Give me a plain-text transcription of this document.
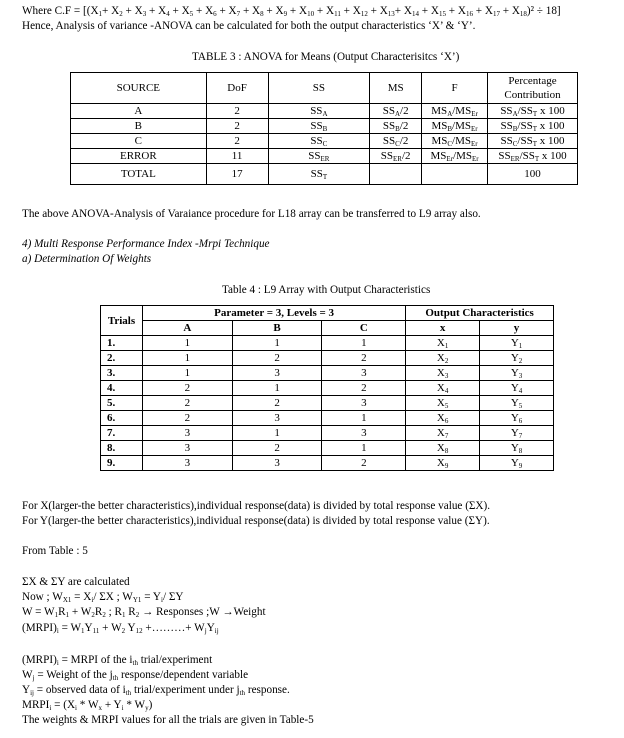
Where $C.F = [(X_1+ X_2 + X_3 + X_4 + X_5 + X_6 + X_7 + X_8 + X_9 + X_{10} + X_{11} + X_{12} + X_{13}+ X_{14} + X_{15} + X_{16} + X_{17} + X_{18})^2 \div 18]$
Hence, Analysis of variance -ANOVA can be calculated for both the output characteristics ‘X’ & ‘Y’.
TABLE 3 : ANOVA for Means (Output Characterisitcs ‘X’)
SOURCE	DoF	SS	MS	F	Percentage Contribution
A	2	$SS_A$	$SS_A/2$	$MS_A/MS_{Er}$	$SS_A/SS_T$ x 100
B	2	$SS_B$	$SS_B/2$	$MS_B/MS_{Er}$	$SS_B/SS_T$ x 100
C	2	$SS_C$	$SS_C/2$	$MS_C/MS_{Er}$	$SS_C/SS_T$ x 100
ERROR	11	$SS_{ER}$	$SS_{ER}/2$	$MS_{Er}/MS_{Er}$	$SS_{ER}/SS_T$ x 100
TOTAL	17	$SS_T$			100
The above ANOVA-Analysis of Varaiance procedure for L18 array can be transferred to L9 array also.
4) Multi Response Performance Index -Mrpi Technique
a) Determination Of Weights
Table 4 : L9 Array with Output Characteristics
Trials	Parameter = 3, Levels = 3			Output Characteristics	
	A	B	C	x	y
1.	1	1	1	$X_1$	$Y_1$
2.	1	2	2	$X_2$	$Y_2$
3.	1	3	3	$X_3$	$Y_3$
4.	2	1	2	$X_4$	$Y_4$
5.	2	2	3	$X_5$	$Y_5$
6.	2	3	1	$X_6$	$Y_6$
7.	3	1	3	$X_7$	$Y_7$
8.	3	2	1	$X_8$	$Y_8$
9.	3	3	2	$X_9$	$Y_9$
For X(larger-the better characteristics),individual response(data) is divided by total response value (ΣX).
For Y(larger-the better characteristics),individual response(data) is divided by total response value (ΣY).
From Table : 5
ΣX & ΣY are calculated
Now ; $W_{X1} = X_i/$ ΣX ; $W_{Y1} = Y_i/$ ΣY
$W = W_1R_1 + W_2R_2$ ; $R_1$ $R_2$ → Responses ;W →Weight
$(MRPI)_i = W_1Y_{11} + W_2$ $Y_{12}$ +………+ $W_jY_{ij}$
$(MRPI)_i$ = MRPI of the $i_{th}$ trial/experiment
$W_j$ = Weight of the $j_{th}$ response/dependent variable
$Y_{ij}$ = observed data of $i_{th}$ trial/experiment under $j_{th}$ response.
$MRPI_i = (X_i * W_x + Y_i * W_y)$
The weights & MRPI values for all the trials are given in Table-5
